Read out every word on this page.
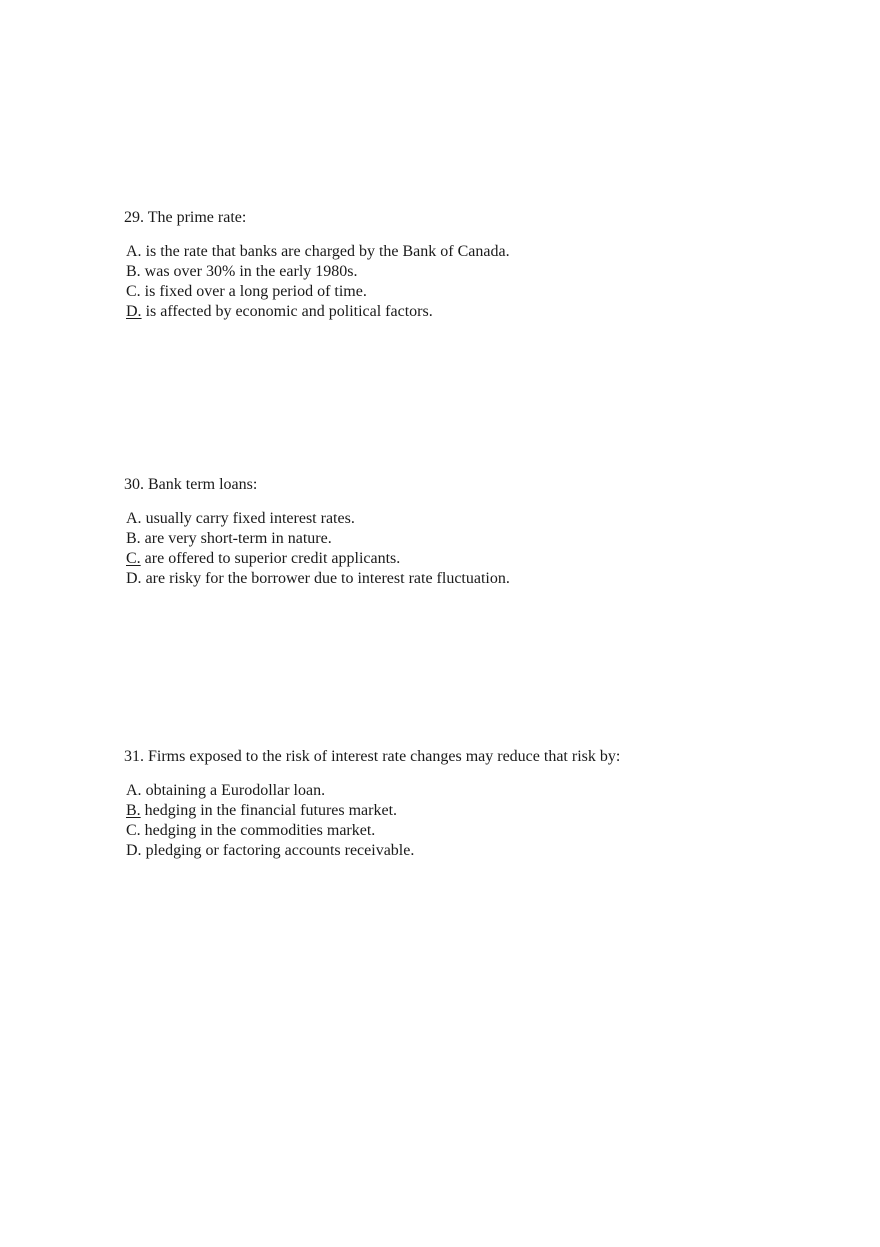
29. The prime rate:

A. is the rate that banks are charged by the Bank of Canada.
B. was over 30% in the early 1980s.
C. is fixed over a long period of time.
D. is affected by economic and political factors.

30. Bank term loans:

A. usually carry fixed interest rates.
B. are very short-term in nature.
C. are offered to superior credit applicants.
D. are risky for the borrower due to interest rate fluctuation.

31. Firms exposed to the risk of interest rate changes may reduce that risk by:

A. obtaining a Eurodollar loan.
B. hedging in the financial futures market.
C. hedging in the commodities market.
D. pledging or factoring accounts receivable.
